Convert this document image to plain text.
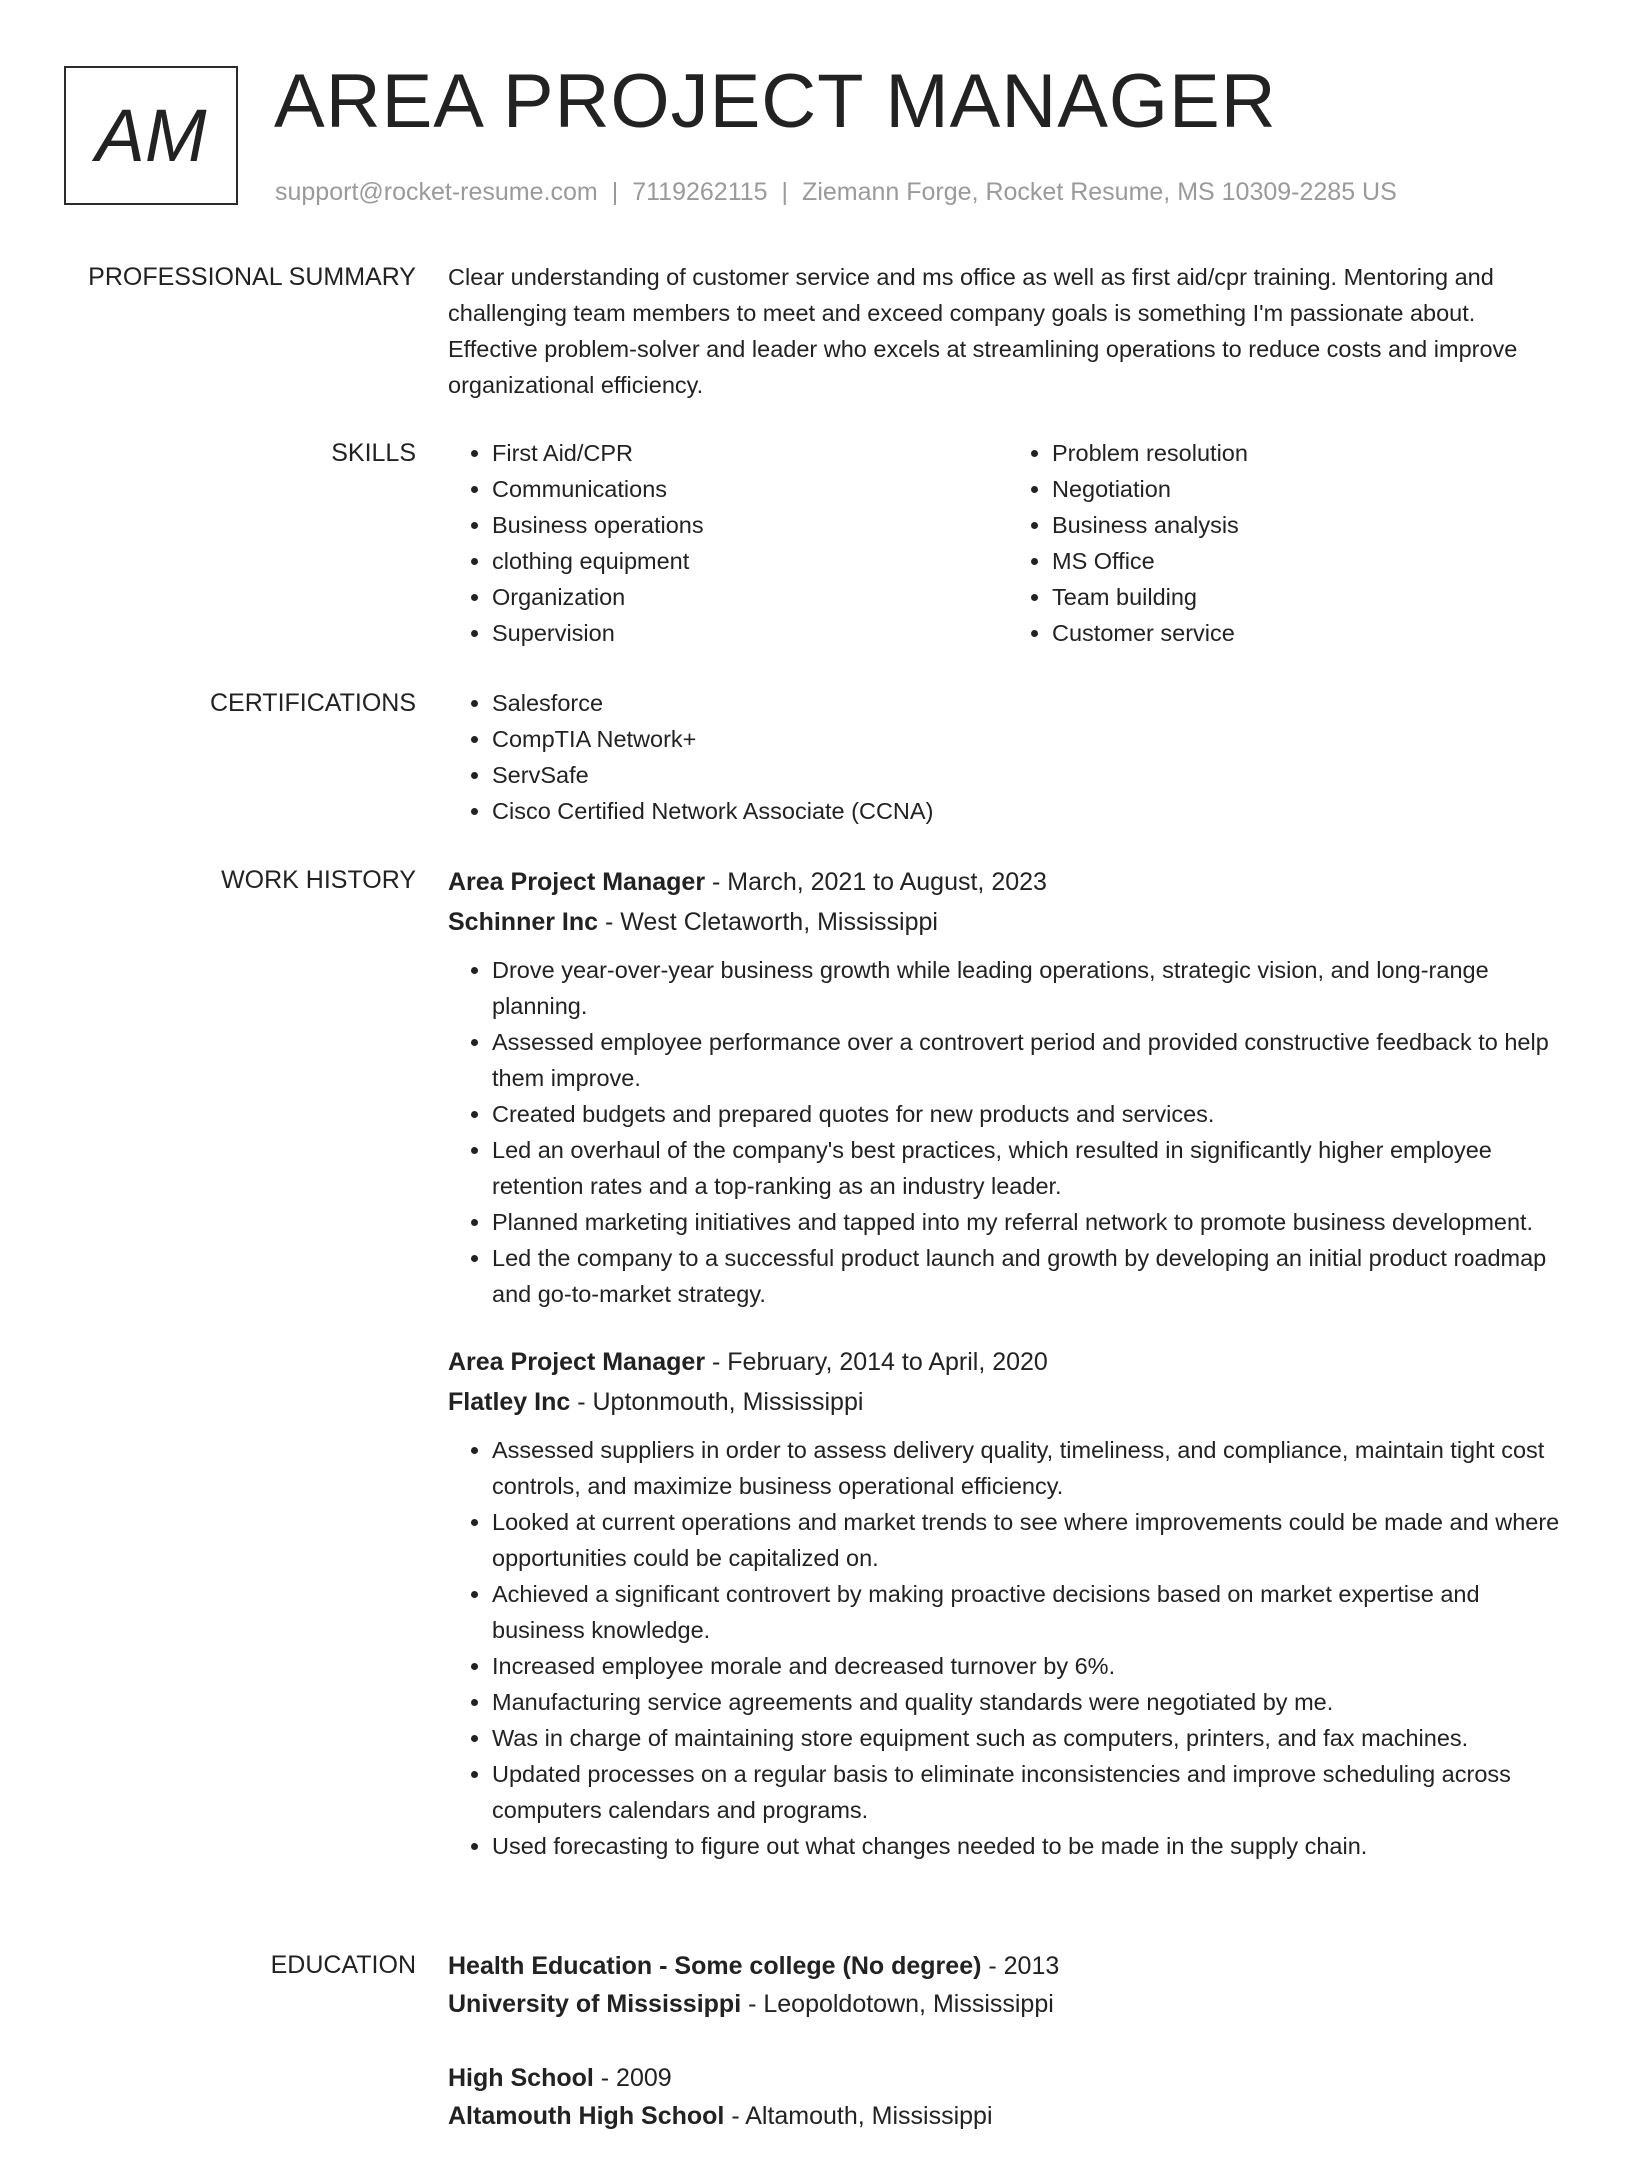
AM AREA PROJECT MANAGER
support@rocket-resume.com | 7119262115 | Ziemann Forge, Rocket Resume, MS 10309-2285 US
PROFESSIONAL SUMMARY Clear understanding of customer service and ms office as well as first aid/cpr training. Mentoring and challenging team members to meet and exceed company goals is something I'm passionate about. Effective problem-solver and leader who excels at streamlining operations to reduce costs and improve organizational efficiency.

SKILLS	• First Aid/CPR
• Communications
• Business operations
• clothing equipment
• Organization
• Supervision
• Problem resolution
• Negotiation
• Business analysis
• MS Office
• Team building
• Customer service
CERTIFICATIONS	• Salesforce
• CompTIA Network+
• ServSafe
• Cisco Certified Network Associate (CCNA)
WORK HISTORY Area Project Manager - March, 2021 to August, 2023
Schinner Inc - West Cletaworth, Mississippi
• Drove year-over-year business growth while leading operations, strategic vision, and long-range planning.
• Assessed employee performance over a controvert period and provided constructive feedback to help them improve.
• Created budgets and prepared quotes for new products and services.
• Led an overhaul of the company's best practices, which resulted in significantly higher employee retention rates and a top-ranking as an industry leader.
• Planned marketing initiatives and tapped into my referral network to promote business development.
• Led the company to a successful product launch and growth by developing an initial product roadmap and go-to-market strategy.
Area Project Manager - February, 2014 to April, 2020
Flatley Inc - Uptonmouth, Mississippi
• Assessed suppliers in order to assess delivery quality, timeliness, and compliance, maintain tight cost controls, and maximize business operational efficiency.
• Looked at current operations and market trends to see where improvements could be made and where opportunities could be capitalized on.
• Achieved a significant controvert by making proactive decisions based on market expertise and business knowledge.
• Increased employee morale and decreased turnover by 6%.
• Manufacturing service agreements and quality standards were negotiated by me.
• Was in charge of maintaining store equipment such as computers, printers, and fax machines.
• Updated processes on a regular basis to eliminate inconsistencies and improve scheduling across computers calendars and programs.
• Used forecasting to figure out what changes needed to be made in the supply chain.
EDUCATION Health Education - Some college (No degree) - 2013
University of Mississippi - Leopoldotown, Mississippi
High School - 2009
Altamouth High School - Altamouth, Mississippi
